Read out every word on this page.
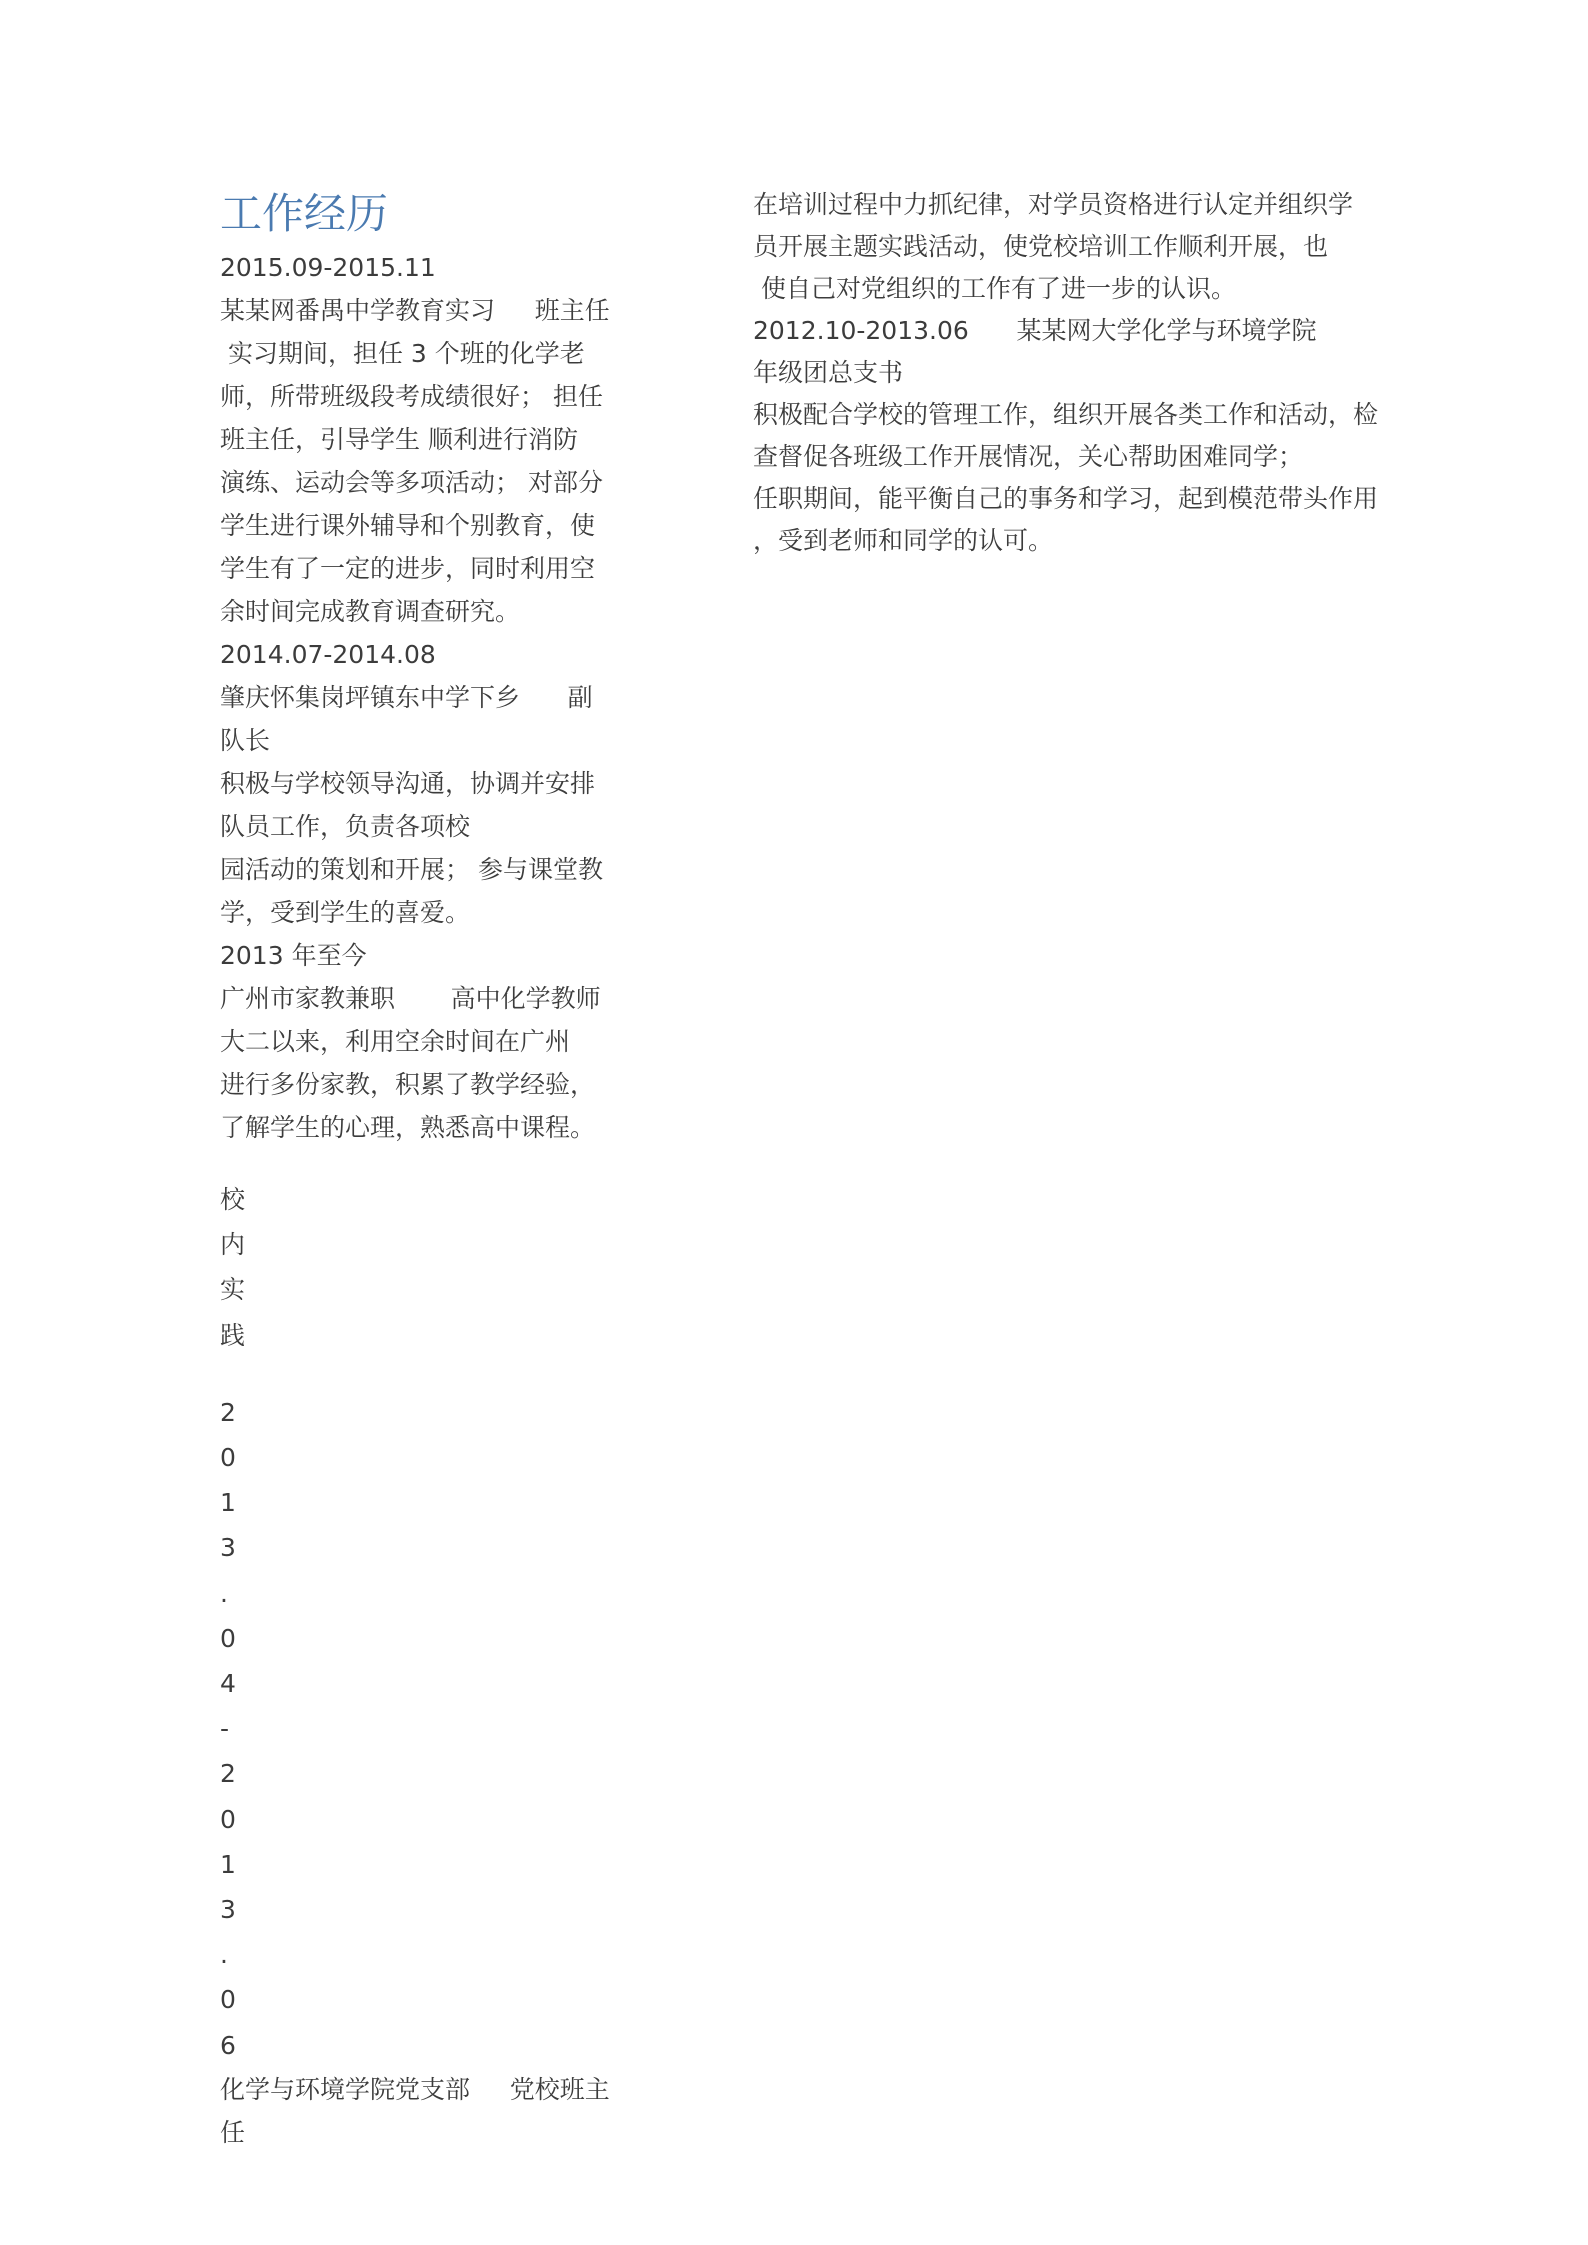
工作经历

2015.09-2015.11

某某网番禺中学教育实习     班主任

实习期间，担任 3 个班的化学老

师，所带班级段考成绩很好； 担任

班主任，引导学生 顺利进行消防

演练、运动会等多项活动； 对部分

学生进行课外辅导和个别教育，使

学生有了一定的进步，同时利用空

余时间完成教育调查研究。

2014.07-2014.08

肇庆怀集岗坪镇东中学下乡      副

队长

积极与学校领导沟通，协调并安排

队员工作，负责各项校

园活动的策划和开展； 参与课堂教

学，受到学生的喜爱。

2013 年至今

广州市家教兼职       高中化学教师

大二以来，利用空余时间在广州

进行多份家教，积累了教学经验，

了解学生的心理，熟悉高中课程。

校

内

实

践

2

0

1

3

.

0

4

-

2

0

1

3

.

0

6

化学与环境学院党支部     党校班主

任

在培训过程中力抓纪律，对学员资格进行认定并组织学

员开展主题实践活动，使党校培训工作顺利开展，也

使自己对党组织的工作有了进一步的认识。

2012.10-2013.06      某某网大学化学与环境学院

年级团总支书

积极配合学校的管理工作，组织开展各类工作和活动，检

查督促各班级工作开展情况，关心帮助困难同学；

任职期间，能平衡自己的事务和学习，起到模范带头作用

，受到老师和同学的认可。
